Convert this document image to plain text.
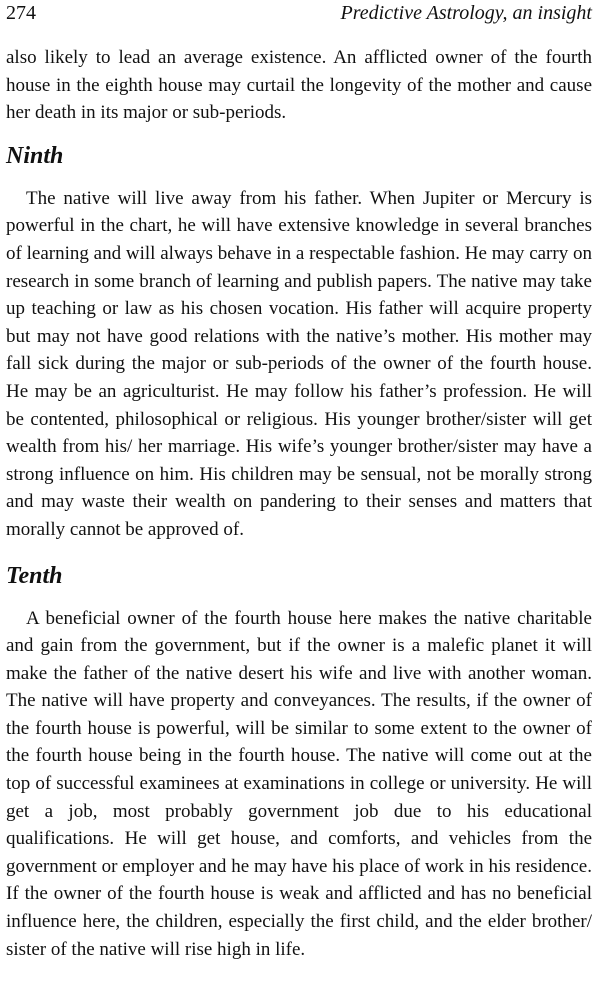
274	Predictive Astrology, an insight

also likely to lead an average existence. An afflicted owner of the fourth house in the eighth house may curtail the longevity of the mother and cause her death in its major or sub-periods.

Ninth

The native will live away from his father. When Jupiter or Mercury is powerful in the chart, he will have extensive knowledge in several branches of learning and will always behave in a respectable fashion. He may carry on research in some branch of learning and publish papers. The native may take up teaching or law as his chosen vocation. His father will acquire property but may not have good relations with the native’s mother. His mother may fall sick during the major or sub-periods of the owner of the fourth house. He may be an agriculturist. He may follow his father’s profession. He will be contented, philosophical or religious. His younger brother/sister will get wealth from his/ her marriage. His wife’s younger brother/sister may have a strong influence on him. His children may be sensual, not be morally strong and may waste their wealth on pandering to their senses and matters that morally cannot be approved of.

Tenth

A beneficial owner of the fourth house here makes the native charitable and gain from the government, but if the owner is a malefic planet it will make the father of the native desert his wife and live with another woman. The native will have property and conveyances. The results, if the owner of the fourth house is powerful, will be similar to some extent to the owner of the fourth house being in the fourth house. The native will come out at the top of successful examinees at examinations in college or university. He will get a job, most probably government job due to his educational qualifications. He will get house, and comforts, and vehicles from the government or employer and he may have his place of work in his residence. If the owner of the fourth house is weak and afflicted and has no beneficial influence here, the children, especially the first child, and the elder brother/ sister of the native will rise high in life.
